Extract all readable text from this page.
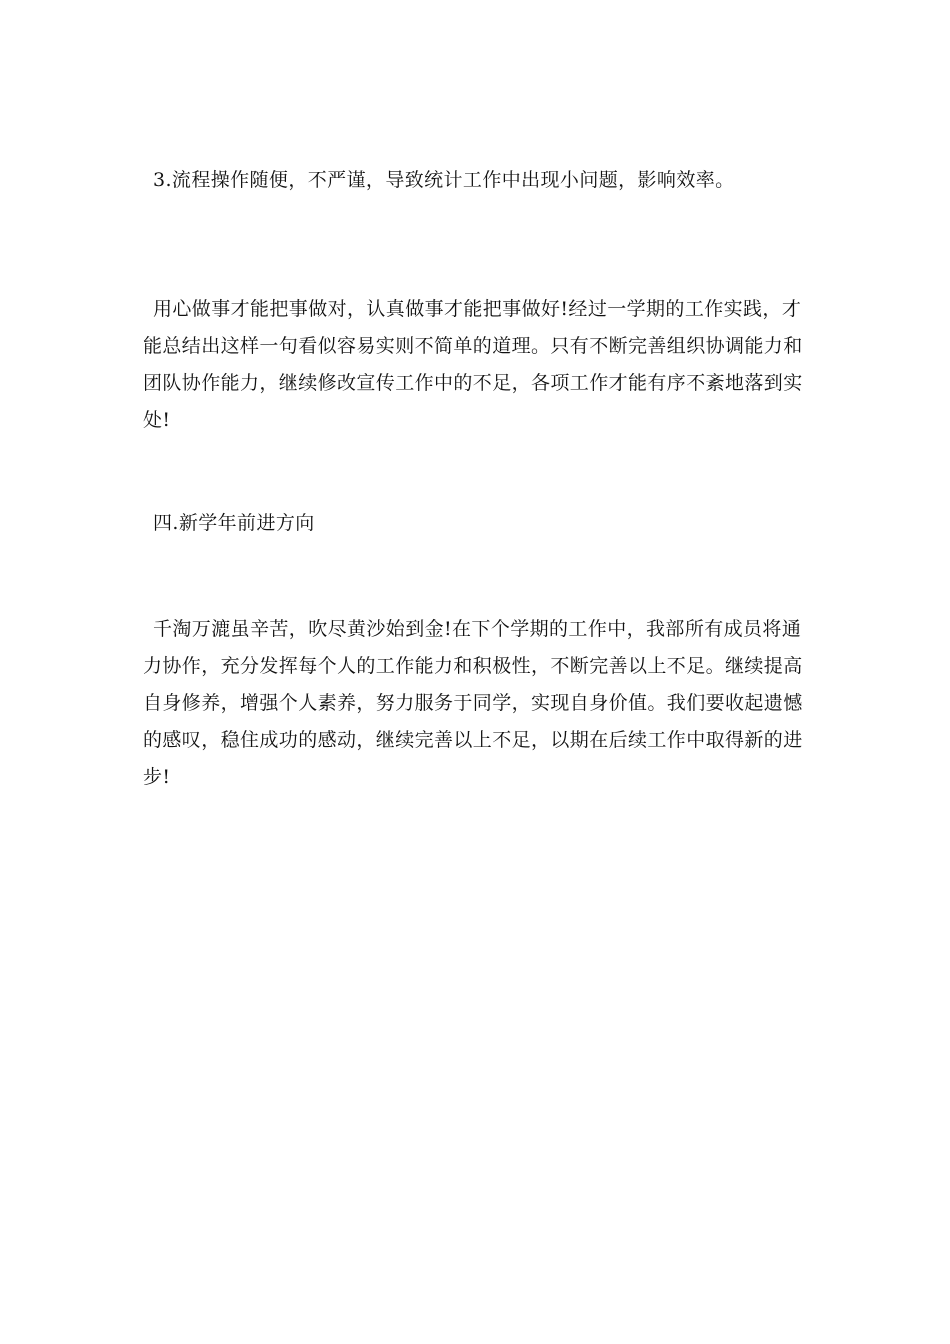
3.流程操作随便，不严谨，导致统计工作中出现小问题，影响效率。

用心做事才能把事做对，认真做事才能把事做好!经过一学期的工作实践，才能总结出这样一句看似容易实则不简单的道理。只有不断完善组织协调能力和团队协作能力，继续修改宣传工作中的不足，各项工作才能有序不紊地落到实处!

四.新学年前进方向

千淘万漉虽辛苦，吹尽黄沙始到金!在下个学期的工作中，我部所有成员将通力协作，充分发挥每个人的工作能力和积极性，不断完善以上不足。继续提高自身修养，增强个人素养，努力服务于同学，实现自身价值。我们要收起遗憾的感叹，稳住成功的感动，继续完善以上不足，以期在后续工作中取得新的进步!
